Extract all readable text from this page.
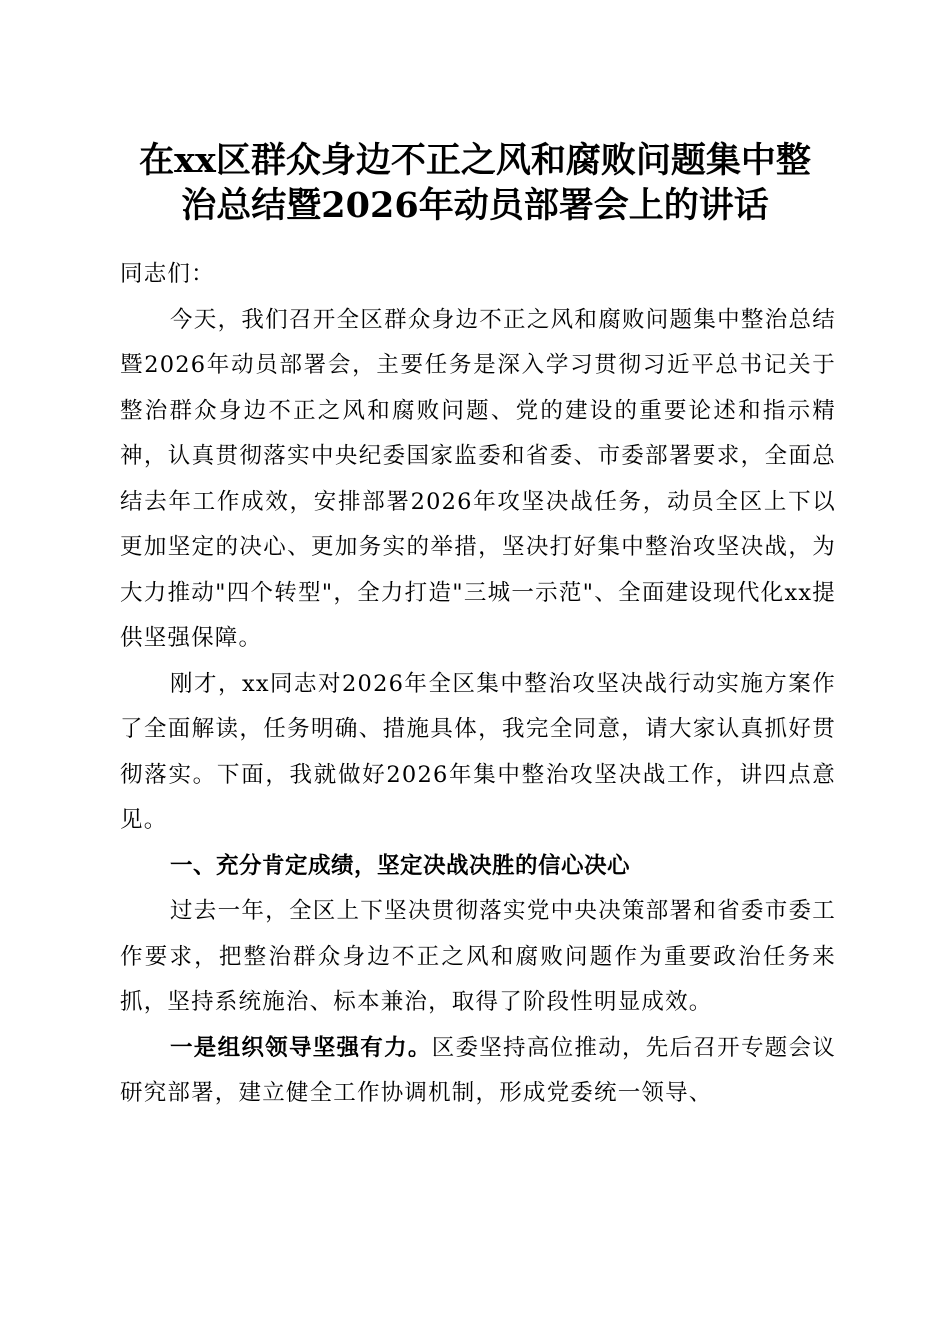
在xx区群众身边不正之风和腐败问题集中整
治总结暨2026年动员部署会上的讲话

同志们：

今天，我们召开全区群众身边不正之风和腐败问题集中整治总结暨2026年动员部署会，主要任务是深入学习贯彻习近平总书记关于整治群众身边不正之风和腐败问题、党的建设的重要论述和指示精神，认真贯彻落实中央纪委国家监委和省委、市委部署要求，全面总结去年工作成效，安排部署2026年攻坚决战任务，动员全区上下以更加坚定的决心、更加务实的举措，坚决打好集中整治攻坚决战，为大力推动"四个转型"，全力打造"三城一示范"、全面建设现代化xx提供坚强保障。

刚才，xx同志对2026年全区集中整治攻坚决战行动实施方案作了全面解读，任务明确、措施具体，我完全同意，请大家认真抓好贯彻落实。下面，我就做好2026年集中整治攻坚决战工作，讲四点意见。

一、充分肯定成绩，坚定决战决胜的信心决心

过去一年，全区上下坚决贯彻落实党中央决策部署和省委市委工作要求，把整治群众身边不正之风和腐败问题作为重要政治任务来抓，坚持系统施治、标本兼治，取得了阶段性明显成效。

一是组织领导坚强有力。区委坚持高位推动，先后召开专题会议研究部署，建立健全工作协调机制，形成党委统一领导、
